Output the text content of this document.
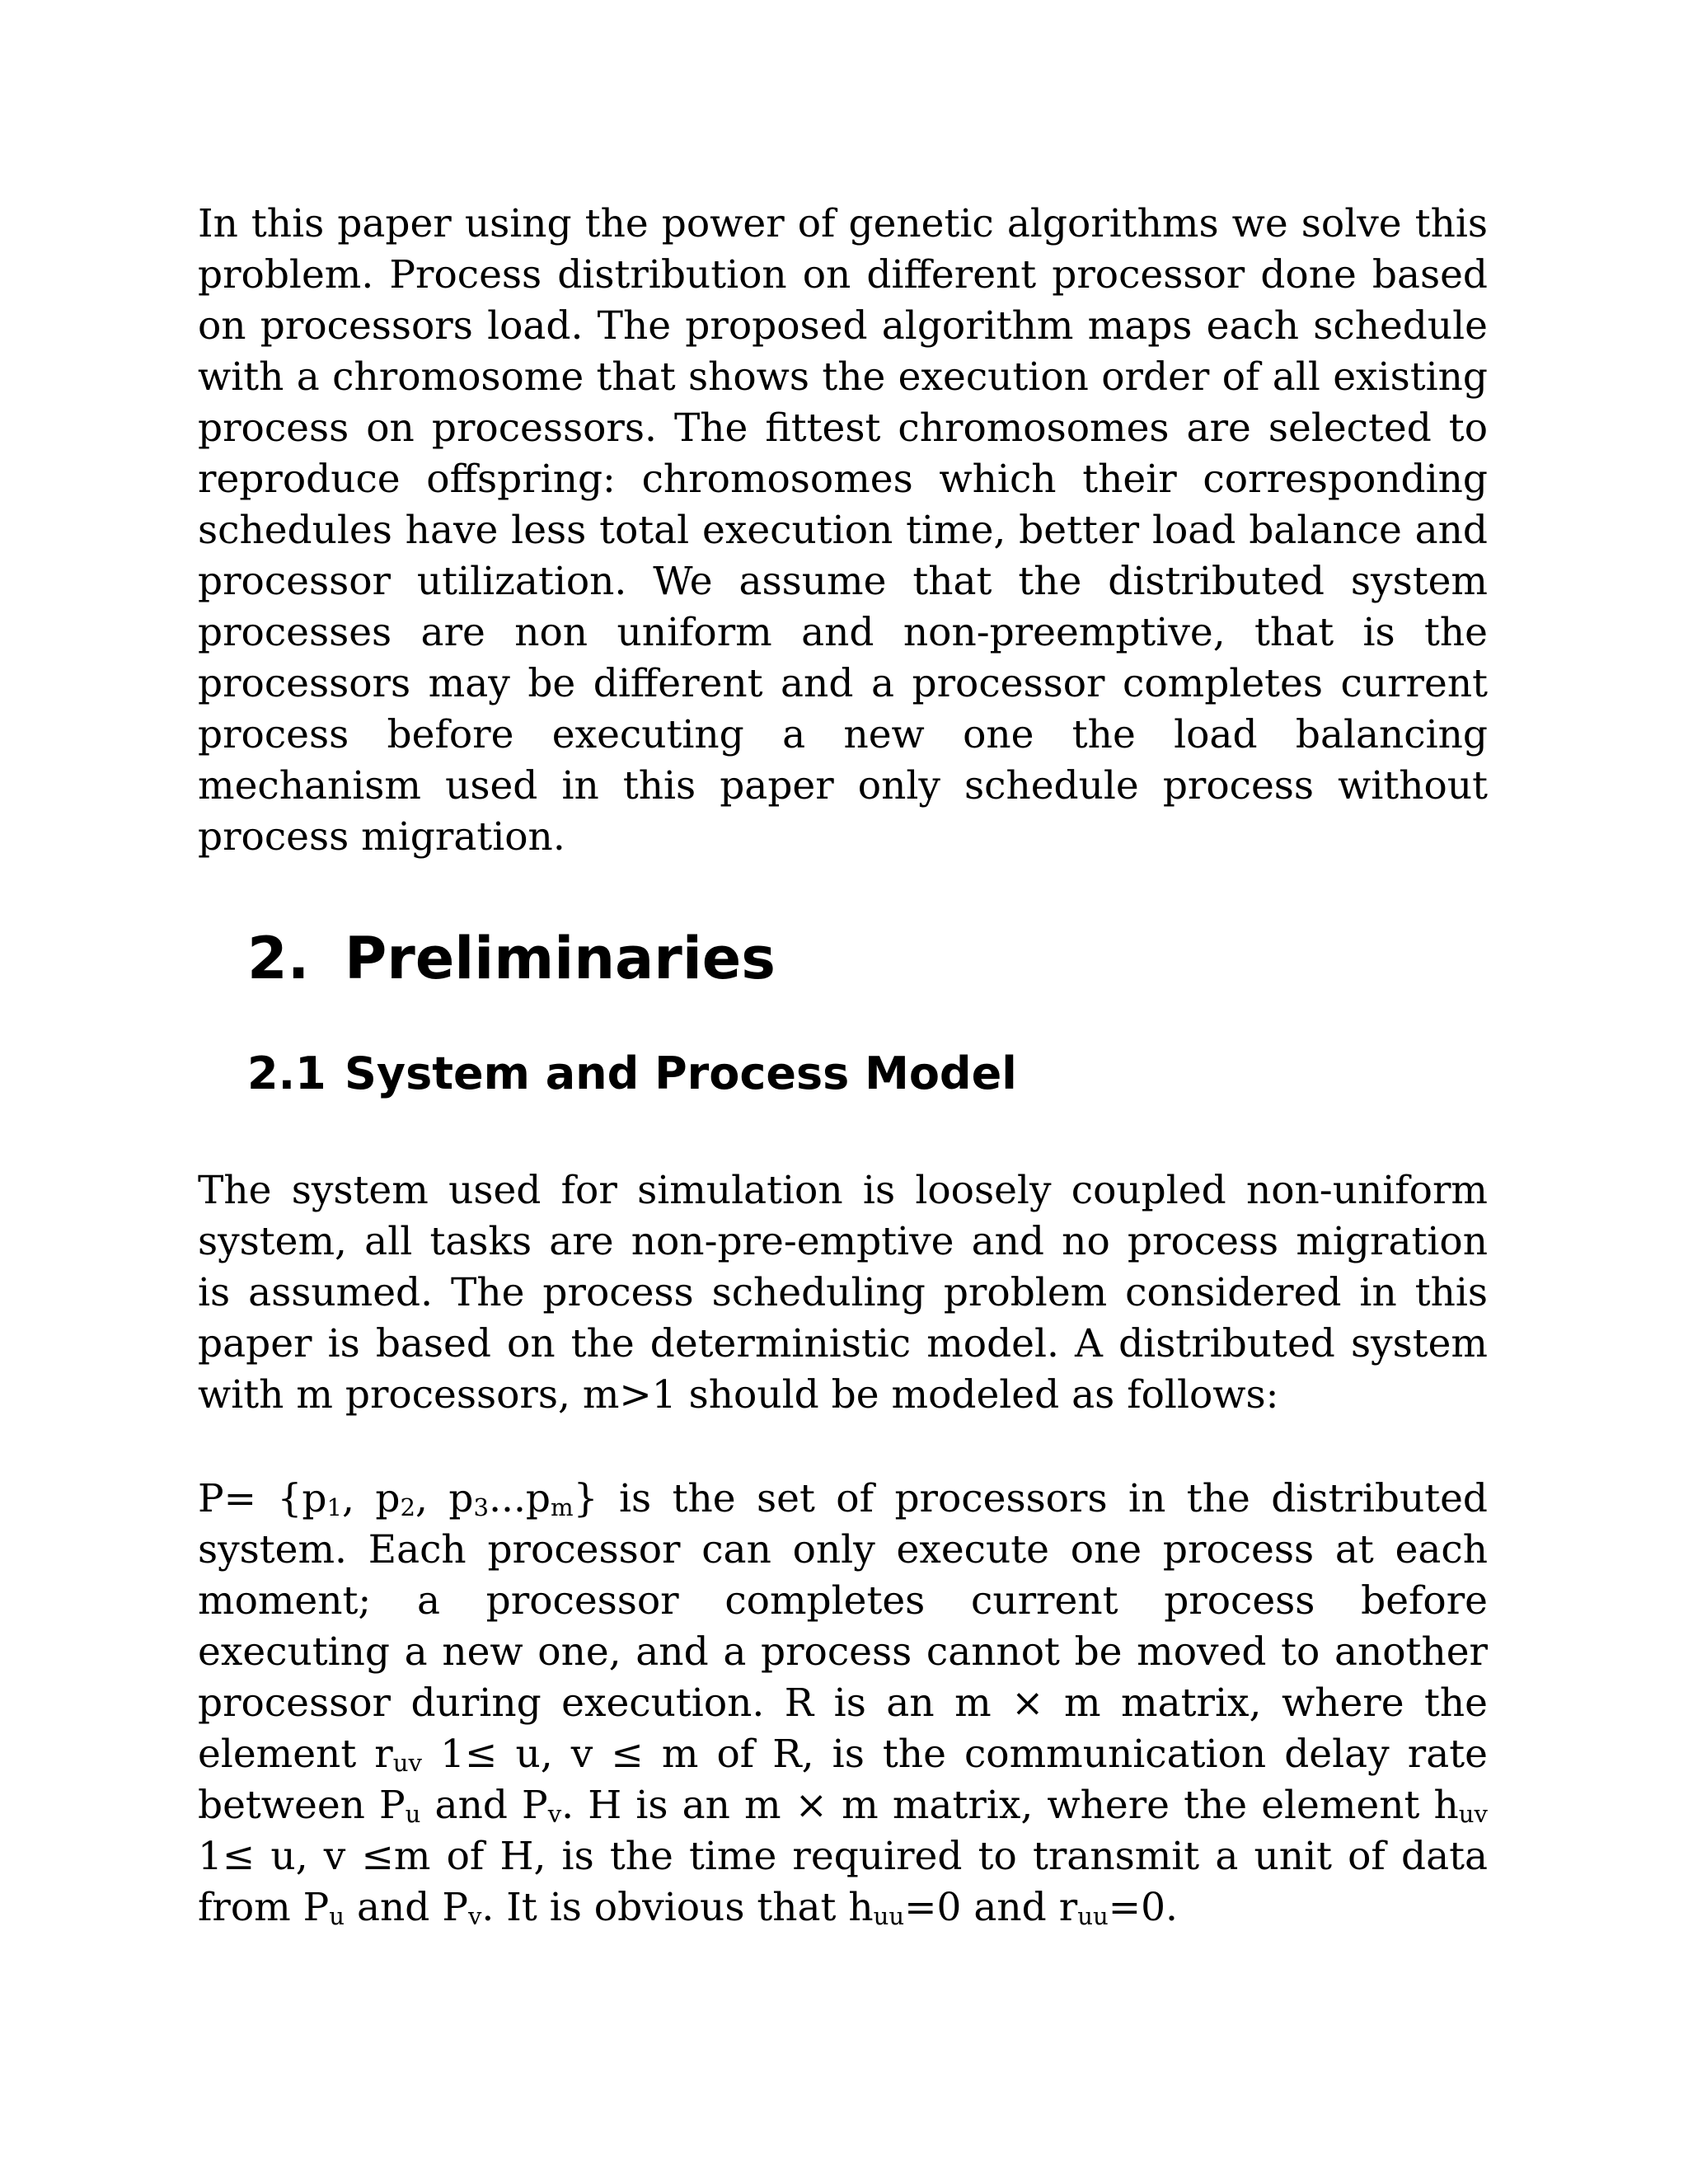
In this paper using the power of genetic algorithms we solve this problem. Process distribution on different processor done based on processors load. The proposed algorithm maps each schedule with a chromosome that shows the execution order of all existing process on processors. The fittest chromosomes are selected to reproduce offspring: chromosomes which their corresponding schedules have less total execution time, better load balance and processor utilization. We assume that the distributed system processes are non uniform and non-preemptive, that is the processors may be different and a processor completes current process before executing a new one the load balancing mechanism used in this paper only schedule process without process migration.

2. Preliminaries
2.1 System and Process Model

The system used for simulation is loosely coupled non-uniform system, all tasks are non-pre-emptive and no process migration is assumed. The process scheduling problem considered in this paper is based on the deterministic model. A distributed system with m processors, m>1 should be modeled as follows:

$P= \{p_1$, $p_2$, $p_3...p_m$} is the set of processors in the distributed system. Each processor can only execute one process at each moment; a processor completes current process before executing a new one, and a process cannot be moved to another processor during execution. R is an m × m matrix, where the element $r_{uv}$ 1≤ u, v ≤ m of R, is the communication delay rate between $P_u$ and $P_v$. H is an m × m matrix, where the element $h_{uv}$ 1≤ u, v ≤m of H, is the time required to transmit a unit of data from $P_u$ and $P_v$. It is obvious that $h_{uu}=0$ and $r_{uu}=0$.
